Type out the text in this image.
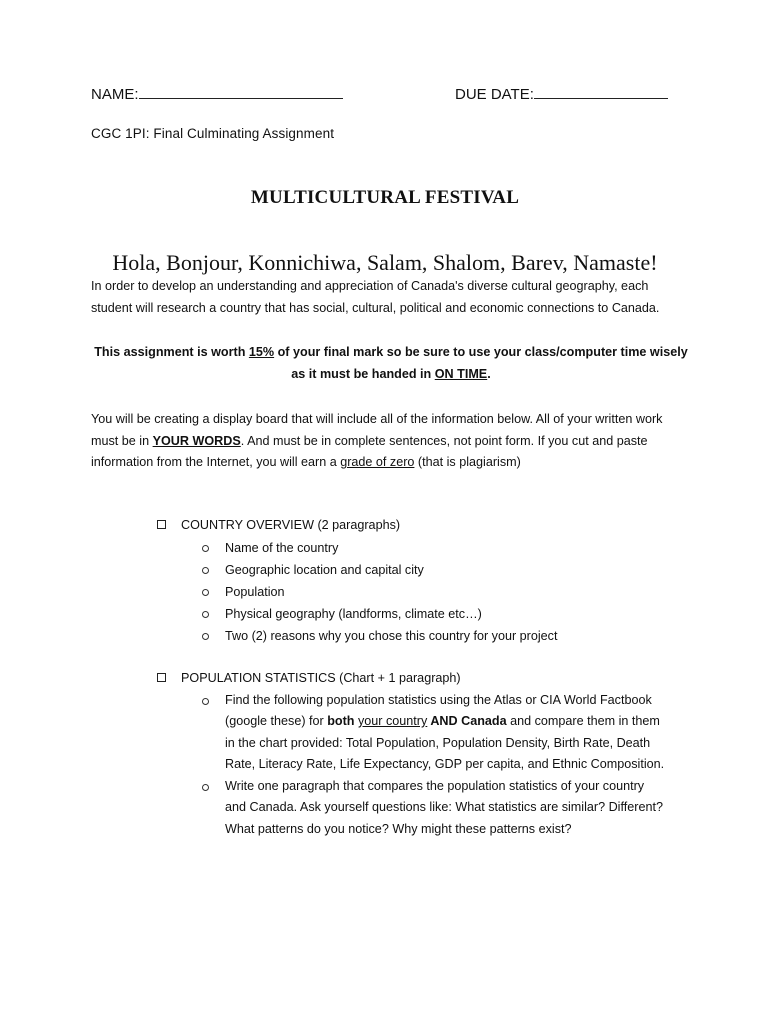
NAME:	DUE DATE:
CGC 1PI: Final Culminating Assignment
MULTICULTURAL FESTIVAL
Hola, Bonjour, Konnichiwa, Salam, Shalom, Barev, Namaste!
In order to develop an understanding and appreciation of Canada's diverse cultural geography, each student will research a country that has social, cultural, political and economic connections to Canada.
This assignment is worth 15% of your final mark so be sure to use your class/computer time wisely as it must be handed in ON TIME.
You will be creating a display board that will include all of the information below. All of your written work must be in YOUR WORDS. And must be in complete sentences, not point form. If you cut and paste information from the Internet, you will earn a grade of zero (that is plagiarism)
COUNTRY OVERVIEW (2 paragraphs)
Name of the country
Geographic location and capital city
Population
Physical geography (landforms, climate etc…)
Two (2) reasons why you chose this country for your project
POPULATION STATISTICS (Chart + 1 paragraph)
Find the following population statistics using the Atlas or CIA World Factbook (google these) for both your country AND Canada and compare them in them in the chart provided: Total Population, Population Density, Birth Rate, Death Rate, Literacy Rate, Life Expectancy, GDP per capita, and Ethnic Composition.
Write one paragraph that compares the population statistics of your country and Canada. Ask yourself questions like: What statistics are similar? Different? What patterns do you notice? Why might these patterns exist?
